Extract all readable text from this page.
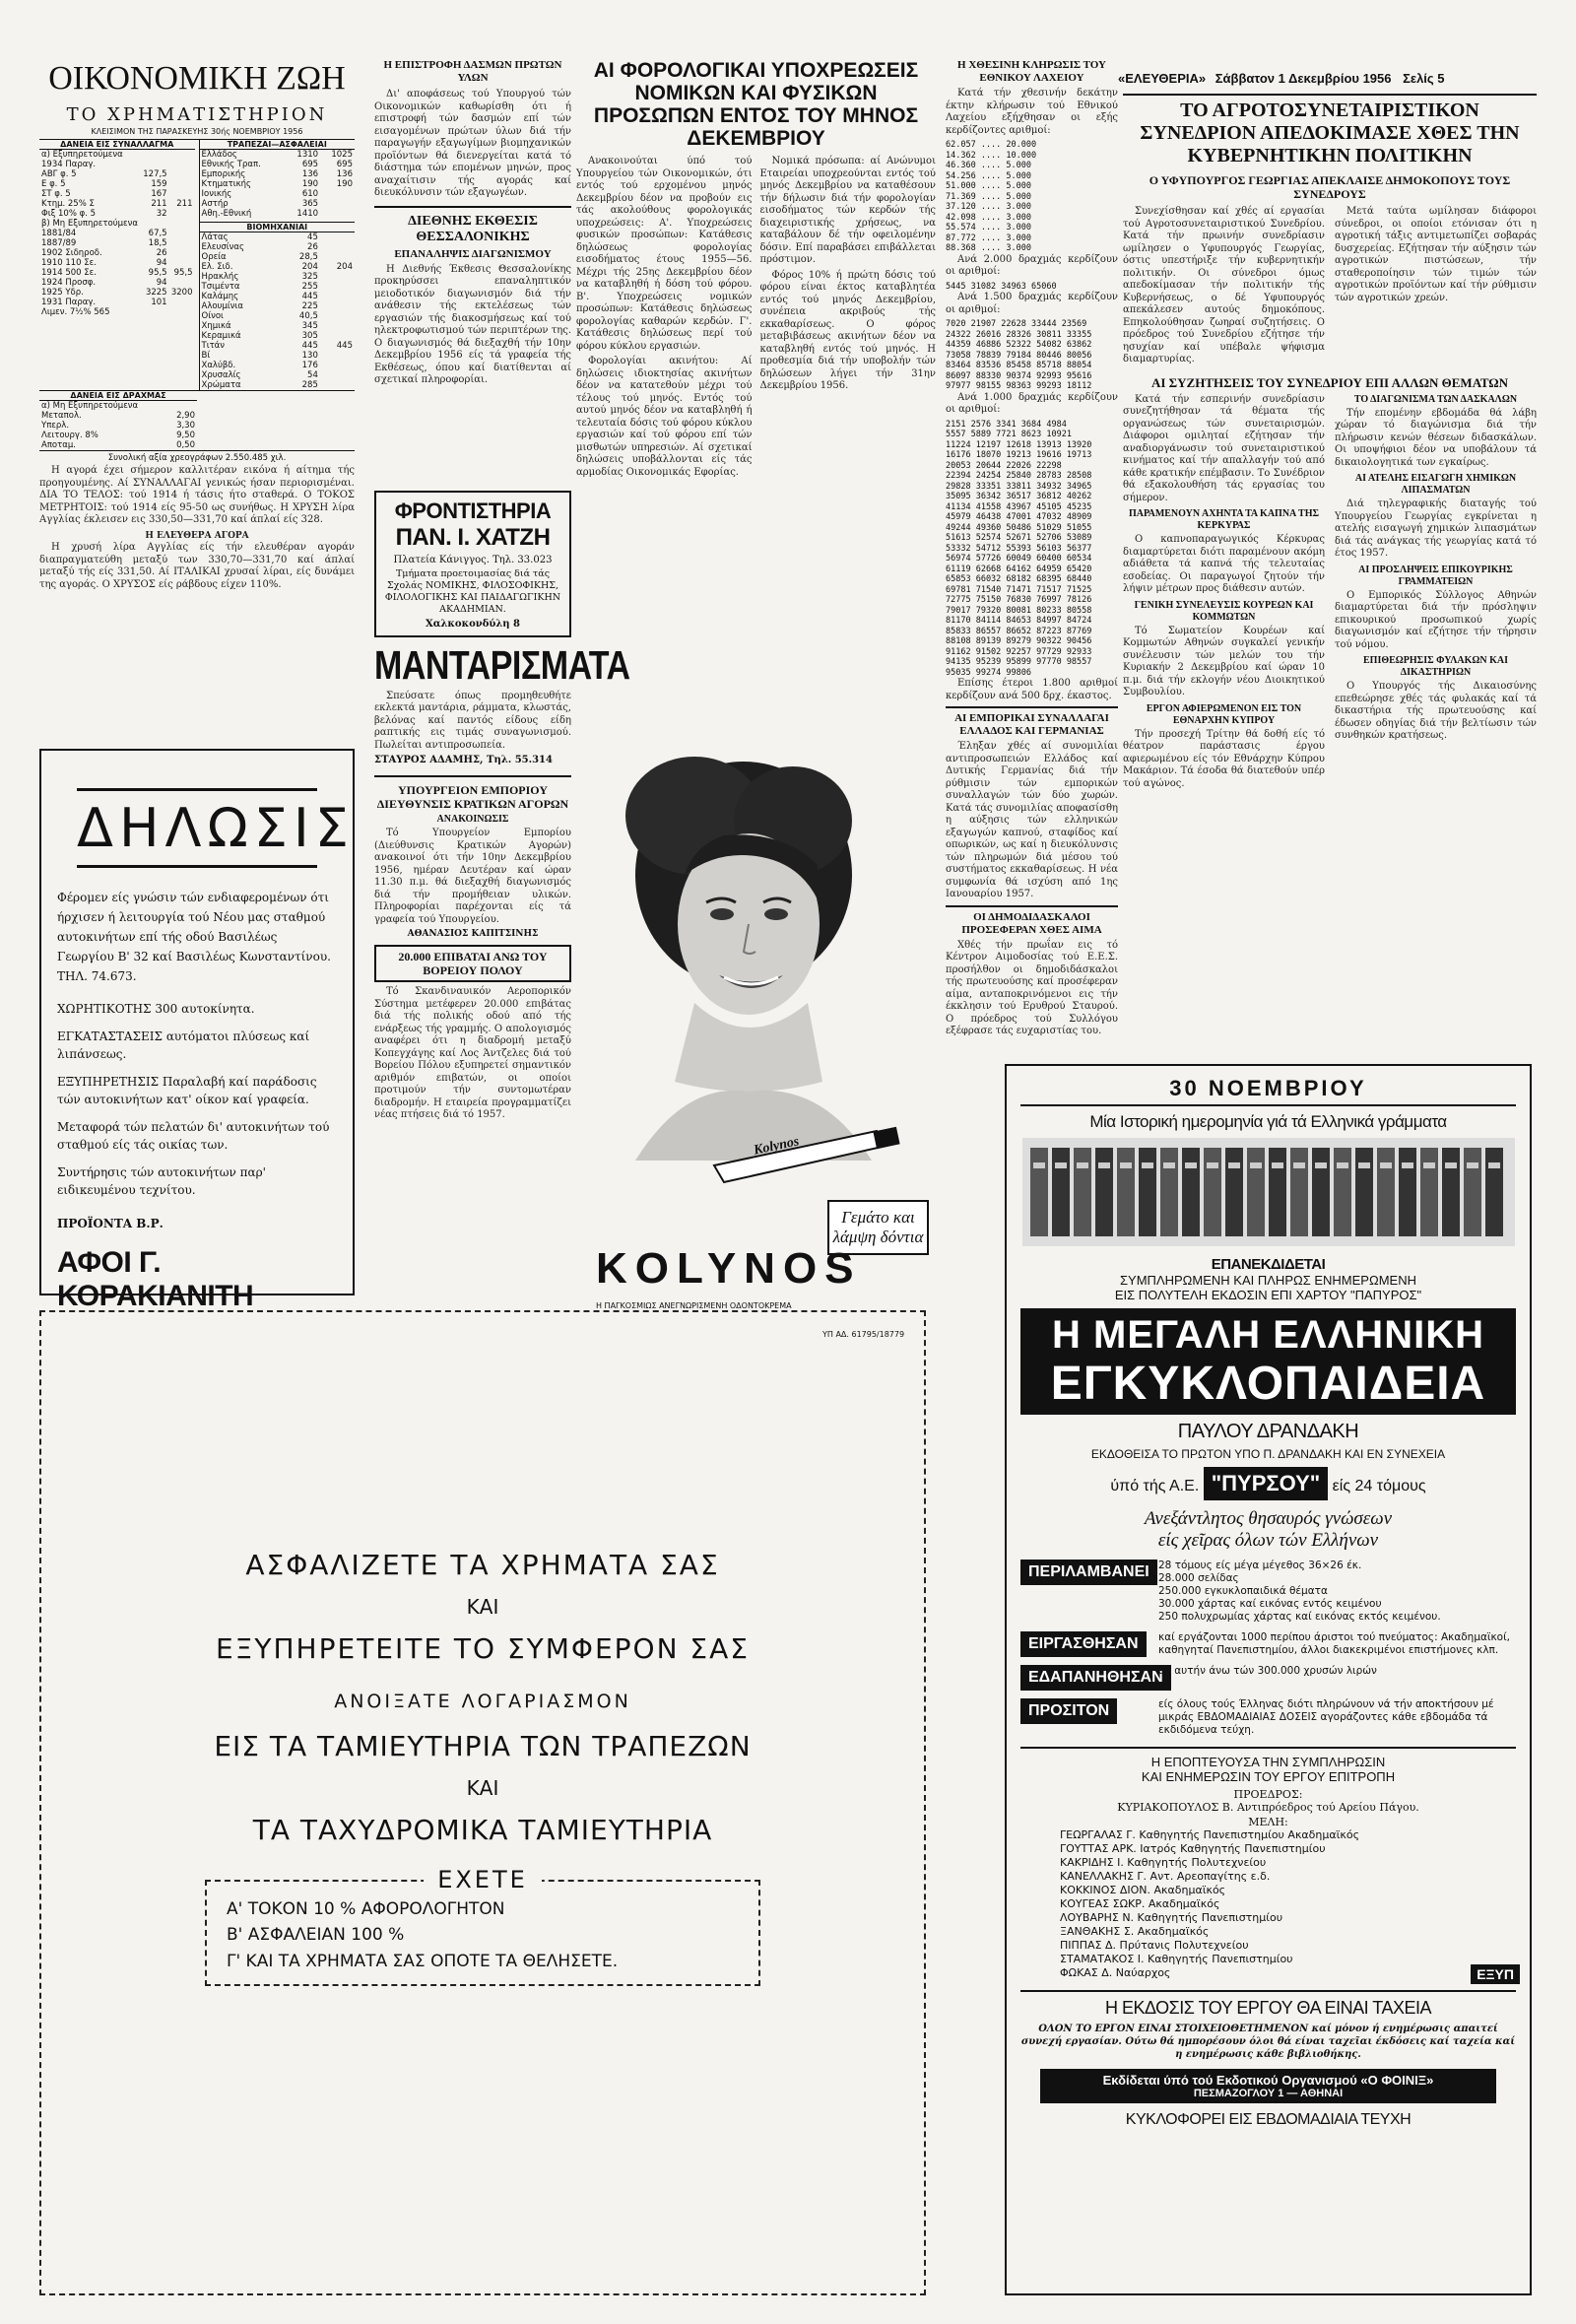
«ΕΛΕΥΘΕΡΙΑ» Σάββατον 1 Δεκεμβρίου 1956 Σελίς 5
ΟΙΚΟΝΟΜΙΚΗ ΖΩΗ
ΤΟ ΧΡΗΜΑΤΙΣΤΗΡΙΟΝ
ΚΛΕΙΣΙΜΟΝ ΤΗΣ ΠΑΡΑΣΚΕΥΗΣ 30ής ΝΟΕΜΒΡΙΟΥ 1956
ΔΑΝΕΙΑ ΕΙΣ ΣΥΝΑΛΛΑΓΜΑ
α) Εξυπηρετούμενα		
1934 Παραγ.		
ΑΒΓ φ. 5	127,5	
Ε φ. 5	159	
ΣΤ φ. 5	167	
Κτημ. 25% Σ	211	211
Φιξ 10% φ. 5	32	
β) Μη Εξυπηρετούμενα		
1881/84	67,5	
1887/89	18,5	
1902 Σιδηροδ.	26	
1910 110 Σε.	94	
1914 500 Σε.	95,5	95,5
1924 Προσφ.	94	
1925 Υδρ.	3225	3200
1931 Παραγ.	101	
Λιμεν. 7½% 565		
ΤΡΑΠΕΖΑΙ—ΑΣΦΑΛΕΙΑΙ
Ελλάδος	1310	1025
Εθνικής Τραπ.	695	695
Εμπορικής	136	136
Κτηματικής	190	190
Ιονικής	610	
Αστήρ	365	
Αθη.-Εθνική	1410	
ΒΙΟΜΗΧΑΝΙΑΙ
Λάτας	45	
Ελευσίνας	26	
Ορεία	28,5	
Ελ. Σιδ.	204	204
Ηρακλής	325	
Τσιμέντα	255	
Καλάμης	445	
Αλουμίνια	225	
Οίνοι	40,5	
Χημικά	345	
Κεραμικά	305	
Τιτάν	445	445
Βί	130	
Χαλύβδ.	176	
Χρυσαλίς	54	
Χρώματα	285	
ΔΑΝΕΙΑ ΕΙΣ ΔΡΑΧΜΑΣ
α) Μη Εξυπηρετούμενα	
Μεταπολ.	2,90
Υπερλ.	3,30
Λειτουργ. 8%	9,50
Αποταμ.	0,50
Συνολική αξία χρεογράφων 2.550.485 χιλ.

Η αγορά έχει σήμερον καλλιτέραν εικόνα ή αίτημα τής προηγουμένης. Αί ΣΥΝΑΛΛΑΓΑΙ γενικώς ήσαν περιορισμέναι. ΔΙΑ ΤΟ ΤΕΛΟΣ: τού 1914 ή τάσις ήτο σταθερά. Ο ΤΟΚΟΣ ΜΕΤΡΗΤΟΙΣ: τού 1914 είς 95-50 ως συνήθως. Η ΧΡΥΣΗ λίρα Αγγλίας έκλεισεν εις 330,50—331,70 καί άπλαί είς 328.

Η ΕΛΕΥΘΕΡΑ ΑΓΟΡΑ

Η χρυσή λίρα Αγγλίας είς τήν ελευθέραν αγοράν διαπραγματεύθη μεταξύ των 330,70—331,70 καί άπλαί μεταξύ τής είς 331,50. Αί ΙΤΑΛΙΚΑΙ χρυσαί λίραι, είς δυνάμει της αγοράς. Ο ΧΡΥΣΟΣ είς ράβδους είχεν 110%.

ΔΗΛΩΣΙΣ
Φέρομεν είς γνώσιν τών ενδιαφερομένων ότι ήρχισεν ή λειτουργία τού Νέου μας σταθμού αυτοκινήτων επί τής οδού Βασιλέως Γεωργίου Β' 32 καί Βασιλέως Κωνσταντίνου. ΤΗΛ. 74.673.
ΧΩΡΗΤΙΚΟΤΗΣ 300 αυτοκίνητα.
ΕΓΚΑΤΑΣΤΑΣΕΙΣ αυτόματοι πλύσεως καί λιπάνσεως.
ΕΞΥΠΗΡΕΤΗΣΙΣ Παραλαβή καί παράδοσις τών αυτοκινήτων κατ' οίκον καί γραφεία.
Μεταφορά τών πελατών δι' αυτοκινήτων τού σταθμού είς τάς οικίας των.
Συντήρησις τών αυτοκινήτων παρ' ειδικευμένου τεχνίτου.
ΠΡΟΪΟΝΤΑ Β.Ρ.
ΑΦΟΙ Γ. ΚΟΡΑΚΙΑΝΙΤΗ
Η ΕΠΙΣΤΡΟΦΗ ΔΑΣΜΩΝ ΠΡΩΤΩΝ ΥΛΩΝ

Δι' αποφάσεως τού Υπουργού τών Οικονομικών καθωρίσθη ότι ή επιστροφή τών δασμών επί τών εισαγομένων πρώτων ύλων διά τήν παραγωγήν εξαγωγίμων βιομηχανικών προϊόντων θά διενεργείται κατά τό διάστημα τών επομένων μηνών, προς αναχαίτισιν τής αγοράς καί διευκόλυνσιν τών εξαγωγέων.

ΔΙΕΘΝΗΣ ΕΚΘΕΣΙΣ ΘΕΣΣΑΛΟΝΙΚΗΣ
ΕΠΑΝΑΛΗΨΙΣ ΔΙΑΓΩΝΙΣΜΟΥ

Η Διεθνής Έκθεσις Θεσσαλονίκης προκηρύσσει επαναληπτικόν μειοδοτικόν διαγωνισμόν διά τήν ανάθεσιν τής εκτελέσεως τών εργασιών τής διακοσμήσεως καί τού ηλεκτροφωτισμού τών περιπτέρων της. Ο διαγωνισμός θά διεξαχθή τήν 10ην Δεκεμβρίου 1956 είς τά γραφεία τής Εκθέσεως, όπου καί διατίθενται αί σχετικαί πληροφορίαι.

ΦΡΟΝΤΙΣΤΗΡΙΑ
ΠΑΝ. Ι. ΧΑΤΖΗ
Πλατεία Κάνιγγος. Τηλ. 33.023
Τμήματα προετοιμασίας διά τάς Σχολάς ΝΟΜΙΚΗΣ, ΦΙΛΟΣΟΦΙΚΗΣ, ΦΙΛΟΛΟΓΙΚΗΣ ΚΑΙ ΠΑΙΔΑΓΩΓΙΚΗΝ ΑΚΑΔΗΜΙΑΝ.
Χαλκοκονδύλη 8
ΜΑΝΤΑΡΙΣΜΑΤΑ

Σπεύσατε όπως προμηθευθήτε εκλεκτά μαντάρια, ράμματα, κλωστάς, βελόνας καί παντός είδους είδη ραπτικής εις τιμάς συναγωνισμού. Πωλείται αντιπροσωπεία.

ΣΤΑΥΡΟΣ ΑΔΑΜΗΣ, Τηλ. 55.314
ΥΠΟΥΡΓΕΙΟΝ ΕΜΠΟΡΙΟΥ ΔΙΕΥΘΥΝΣΙΣ ΚΡΑΤΙΚΩΝ ΑΓΟΡΩΝ
ΑΝΑΚΟΙΝΩΣΙΣ

Τό Υπουργείον Εμπορίου (Διεύθυνσις Κρατικών Αγορών) ανακοινοί ότι τήν 10ην Δεκεμβρίου 1956, ημέραν Δευτέραν καί ώραν 11.30 π.μ. θά διεξαχθή διαγωνισμός διά τήν προμήθειαν υλικών. Πληροφορίαι παρέχονται είς τά γραφεία τού Υπουργείου.

ΑΘΑΝΑΣΙΟΣ ΚΑΠΙΤΣΙΝΗΣ
20.000 ΕΠΙΒΑΤΑΙ ΑΝΩ ΤΟΥ ΒΟΡΕΙΟΥ ΠΟΛΟΥ

Τό Σκανδιναυικόν Αεροπορικόν Σύστημα μετέφερεν 20.000 επιβάτας διά τής πολικής οδού από τής ενάρξεως τής γραμμής. Ο απολογισμός αναφέρει ότι η διαδρομή μεταξύ Κοπεγχάγης καί Λος Άντζελες διά τού Βορείου Πόλου εξυπηρετεί σημαντικόν αριθμόν επιβατών, οι οποίοι προτιμούν τήν συντομωτέραν διαδρομήν. Η εταιρεία προγραμματίζει νέας πτήσεις διά τό 1957.

ΑΙ ΦΟΡΟΛΟΓΙΚΑΙ ΥΠΟΧΡΕΩΣΕΙΣ ΝΟΜΙΚΩΝ ΚΑΙ ΦΥΣΙΚΩΝ ΠΡΟΣΩΠΩΝ ΕΝΤΟΣ ΤΟΥ ΜΗΝΟΣ ΔΕΚΕΜΒΡΙΟΥ

Ανακοινούται ύπό τού Υπουργείου τών Οικονομικών, ότι εντός τού ερχομένου μηνός Δεκεμβρίου δέον να προβούν εις τάς ακολούθους φορολογικάς υποχρεώσεις: Α'. Υποχρεώσεις φυσικών προσώπων: Κατάθεσις δηλώσεως φορολογίας εισοδήματος έτους 1955—56. Μέχρι τής 25ης Δεκεμβρίου δέον να καταβληθή ή δόση τού φόρου. Β'. Υποχρεώσεις νομικών προσώπων: Κατάθεσις δηλώσεως φορολογίας καθαρών κερδών. Γ'. Κατάθεσις δηλώσεως περί τού φόρου κύκλου εργασιών.

Φορολογίαι ακινήτου: Αί δηλώσεις ιδιοκτησίας ακινήτων δέον να κατατεθούν μέχρι τού τέλους τού μηνός. Εντός τού αυτού μηνός δέον να καταβληθή ή τελευταία δόσις τού φόρου κύκλου εργασιών καί τού φόρου επί τών μισθωτών υπηρεσιών. Αί σχετικαί δηλώσεις υποβάλλονται είς τάς αρμοδίας Οικονομικάς Εφορίας.

Νομικά πρόσωπα: αί Ανώνυμοι Εταιρείαι υποχρεούνται εντός τού μηνός Δεκεμβρίου να καταθέσουν τήν δήλωσιν διά τήν φορολογίαν εισοδήματος τών κερδών τής διαχειριστικής χρήσεως, να καταβάλουν δέ τήν οφειλομένην δόσιν. Επί παραβάσει επιβάλλεται πρόστιμον.

Φόρος 10% ή πρώτη δόσις τού φόρου είναι έκτος καταβλητέα εντός τού μηνός Δεκεμβρίου, συνέπεια ακριβούς τής εκκαθαρίσεως. Ο φόρος μεταβιβάσεως ακινήτων δέον να καταβληθή εντός τού μηνός. Η προθεσμία διά τήν υποβολήν τών δηλώσεων λήγει τήν 31ην Δεκεμβρίου 1956.

Kolynos
Γεμάτο και λάμψη δόντια
KOLYNOS
Η ΠΑΓΚΟΣΜΙΩΣ ΑΝΕΓΝΩΡΙΣΜΕΝΗ ΟΔΟΝΤΟΚΡΕΜΑ
ΥΠ ΑΔ. 61795/18779
Η ΧΘΕΣΙΝΗ ΚΛΗΡΩΣΙΣ ΤΟΥ ΕΘΝΙΚΟΥ ΛΑΧΕΙΟΥ

Κατά τήν χθεσινήν δεκάτην έκτην κλήρωσιν τού Εθνικού Λαχείου εξήχθησαν οι εξής κερδίζοντες αριθμοί:

62.057 .... 20.000
14.362 .... 10.000
46.360 .... 5.000
54.256 .... 5.000
51.000 .... 5.000
71.369 .... 5.000
37.120 .... 3.000
42.098 .... 3.000
55.574 .... 3.000
87.772 .... 3.000
88.368 .... 3.000

Ανά 2.000 δραχμάς κερδίζουν οι αριθμοί:

5445 31082 34963 65060

Ανά 1.500 δραχμάς κερδίζουν οι αριθμοί:

7020 21907 22628 33444 23569
24322 26016 28326 30811 33355
44359 46886 52322 54082 63862
73058 78839 79184 80446 80056
83464 83536 85458 85718 88054
86097 88330 90374 92993 95616
97977 98155 98363 99293 18112

Ανά 1.000 δραχμάς κερδίζουν οι αριθμοί:

2151 2576 3341 3684 4984
5557 5889 7721 8623 10921
11224 12197 12618 13913 13920
16176 18070 19213 19616 19713
20053 20644 22026 22298
22394 24254 25840 28783 28508
29828 33351 33811 34932 34965
35095 36342 36517 36812 40262
41134 41558 43967 45105 45235
45979 46438 47001 47032 48909
49244 49360 50486 51029 51055
51613 52574 52671 52706 53089
53332 54712 55393 56103 56377
56974 57726 60049 60400 60534
61119 62668 64162 64959 65420
65853 66032 68182 68395 68440
69781 71540 71471 71517 71525
72775 75150 76830 76997 78126
79017 79320 80081 80233 80558
81170 84114 84653 84997 84724
85833 86557 86652 87223 87769
88108 89139 89279 90322 90456
91162 91502 92257 97729 92933
94135 95239 95899 97770 98557
95035 99274 99806

Επίσης έτεροι 1.800 αριθμοί κερδίζουν ανά 500 δρχ. έκαστος.

ΑΙ ΕΜΠΟΡΙΚΑΙ ΣΥΝΑΛΛΑΓΑΙ ΕΛΛΑΔΟΣ ΚΑΙ ΓΕΡΜΑΝΙΑΣ

Έληξαν χθές αί συνομιλίαι αντιπροσωπειών Ελλάδος καί Δυτικής Γερμανίας διά τήν ρύθμισιν τών εμπορικών συναλλαγών τών δύο χωρών. Κατά τάς συνομιλίας αποφασίσθη η αύξησις τών ελληνικών εξαγωγών καπνού, σταφίδος καί οπωρικών, ως καί η διευκόλυνσις τών πληρωμών διά μέσου τού συστήματος εκκαθαρίσεως. Η νέα συμφωνία θά ισχύση από 1ης Ιανουαρίου 1957.

ΟΙ ΔΗΜΟΔΙΔΑΣΚΑΛΟΙ ΠΡΟΣΕΦΕΡΑΝ ΧΘΕΣ ΑΙΜΑ

Χθές τήν πρωΐαν εις τό Κέντρον Αιμοδοσίας τού Ε.Ε.Σ. προσήλθον οι δημοδιδάσκαλοι τής πρωτευούσης καί προσέφεραν αίμα, ανταποκρινόμενοι εις τήν έκκλησιν τού Ερυθρού Σταυρού. Ο πρόεδρος τού Συλλόγου εξέφρασε τάς ευχαριστίας του.

ΤΟ ΑΓΡΟΤΟΣΥΝΕΤΑΙΡΙΣΤΙΚΟΝ ΣΥΝΕΔΡΙΟΝ ΑΠΕΔΟΚΙΜΑΣΕ ΧΘΕΣ ΤΗΝ ΚΥΒΕΡΝΗΤΙΚΗΝ ΠΟΛΙΤΙΚΗΝ
Ο ΥΦΥΠΟΥΡΓΟΣ ΓΕΩΡΓΙΑΣ ΑΠΕΚΛΑΙΣΕ ΔΗΜΟΚΟΠΟΥΣ ΤΟΥΣ ΣΥΝΕΔΡΟΥΣ

Συνεχίσθησαν καί χθές αί εργασίαι τού Αγροτοσυνεταιριστικού Συνεδρίου. Κατά τήν πρωινήν συνεδρίασιν ωμίλησεν ο Υφυπουργός Γεωργίας, όστις υπεστήριξε τήν κυβερνητικήν πολιτικήν. Οι σύνεδροι όμως απεδοκίμασαν τήν πολιτικήν τής Κυβερνήσεως, ο δέ Υφυπουργός απεκάλεσεν αυτούς δημοκόπους. Επηκολούθησαν ζωηραί συζητήσεις. Ο πρόεδρος τού Συνεδρίου εζήτησε τήν ησυχίαν καί υπέβαλε ψήφισμα διαμαρτυρίας.

Μετά ταύτα ωμίλησαν διάφοροι σύνεδροι, οι οποίοι ετόνισαν ότι η αγροτική τάξις αντιμετωπίζει σοβαράς δυσχερείας. Εζήτησαν τήν αύξησιν τών αγροτικών πιστώσεων, τήν σταθεροποίησιν τών τιμών τών αγροτικών προϊόντων καί τήν ρύθμισιν τών αγροτικών χρεών.

ΑΙ ΣΥΖΗΤΗΣΕΙΣ ΤΟΥ ΣΥΝΕΔΡΙΟΥ ΕΠΙ ΑΛΛΩΝ ΘΕΜΑΤΩΝ

Κατά τήν εσπερινήν συνεδρίασιν συνεζητήθησαν τά θέματα τής οργανώσεως τών συνεταιρισμών. Διάφοροι ομιληταί εζήτησαν τήν αναδιοργάνωσιν τού συνεταιριστικού κινήματος καί τήν απαλλαγήν τού από κάθε κρατικήν επέμβασιν. Το Συνέδριον θά εξακολουθήση τάς εργασίας του σήμερον.

ΠΑΡΑΜΕΝΟΥΝ ΑΧΗΝΤΑ ΤΑ ΚΑΠΝΑ ΤΗΣ ΚΕΡΚΥΡΑΣ

Ο καπνοπαραγωγικός Κέρκυρας διαμαρτύρεται διότι παραμένουν ακόμη αδιάθετα τά καπνά τής τελευταίας εσοδείας. Οι παραγωγοί ζητούν τήν λήψιν μέτρων προς διάθεσιν αυτών.

ΓΕΝΙΚΗ ΣΥΝΕΛΕΥΣΙΣ ΚΟΥΡΕΩΝ ΚΑΙ ΚΟΜΜΩΤΩΝ

Τό Σωματείον Κουρέων καί Κομμωτών Αθηνών συγκαλεί γενικήν συνέλευσιν τών μελών του τήν Κυριακήν 2 Δεκεμβρίου καί ώραν 10 π.μ. διά τήν εκλογήν νέου Διοικητικού Συμβουλίου.

ΕΡΓΟΝ ΑΦΙΕΡΩΜΕΝΟΝ ΕΙΣ ΤΟΝ ΕΘΝΑΡΧΗΝ ΚΥΠΡΟΥ

Τήν προσεχή Τρίτην θά δοθή είς τό θέατρον παράστασις έργου αφιερωμένου είς τόν Εθνάρχην Κύπρου Μακάριον. Τά έσοδα θά διατεθούν υπέρ τού αγώνος.

ΤΟ ΔΙΑΓΩΝΙΣΜΑ ΤΩΝ ΔΑΣΚΑΛΩΝ

Τήν επομένην εβδομάδα θά λάβη χώραν τό διαγώνισμα διά τήν πλήρωσιν κενών θέσεων διδασκάλων. Οι υποψήφιοι δέον να υποβάλουν τά δικαιολογητικά των εγκαίρως.

ΑΙ ΑΤΕΛΗΣ ΕΙΣΑΓΩΓΗ ΧΗΜΙΚΩΝ ΛΙΠΑΣΜΑΤΩΝ

Διά τηλεγραφικής διαταγής τού Υπουργείου Γεωργίας εγκρίνεται η ατελής εισαγωγή χημικών λιπασμάτων διά τάς ανάγκας τής γεωργίας κατά τό έτος 1957.

ΑΙ ΠΡΟΣΛΗΨΕΙΣ ΕΠΙΚΟΥΡΙΚΗΣ ΓΡΑΜΜΑΤΕΙΩΝ

Ο Εμπορικός Σύλλογος Αθηνών διαμαρτύρεται διά τήν πρόσληψιν επικουρικού προσωπικού χωρίς διαγωνισμόν καί εζήτησε τήν τήρησιν τού νόμου.

ΕΠΙΘΕΩΡΗΣΙΣ ΦΥΛΑΚΩΝ ΚΑΙ ΔΙΚΑΣΤΗΡΙΩΝ

Ο Υπουργός τής Δικαιοσύνης επεθεώρησε χθές τάς φυλακάς καί τά δικαστήρια τής πρωτευούσης καί έδωσεν οδηγίας διά τήν βελτίωσιν τών συνθηκών κρατήσεως.

ΑΣΦΑΛΙΖΕΤΕ ΤΑ ΧΡΗΜΑΤΑ ΣΑΣ
ΚΑΙ
ΕΞΥΠΗΡΕΤΕΙΤΕ ΤΟ ΣΥΜΦΕΡΟΝ ΣΑΣ
ΑΝΟΙΞΑΤΕ ΛΟΓΑΡΙΑΣΜΟΝ
ΕΙΣ ΤΑ ΤΑΜΙΕΥΤΗΡΙΑ ΤΩΝ ΤΡΑΠΕΖΩΝ
ΚΑΙ
ΤΑ ΤΑΧΥΔΡΟΜΙΚΑ ΤΑΜΙΕΥΤΗΡΙΑ
ΕΧΕΤΕ
Α' ΤΟΚΟΝ 10 % ΑΦΟΡΟΛΟΓΗΤΟΝ
Β' ΑΣΦΑΛΕΙΑΝ 100 %
Γ' ΚΑΙ ΤΑ ΧΡΗΜΑΤΑ ΣΑΣ ΟΠΟΤΕ ΤΑ ΘΕΛΗΣΕΤΕ.
30 ΝΟΕΜΒΡΙΟΥ
Μία Ιστορική ημερομηνία γιά τά Ελληνικά γράμματα
ΕΠΑΝΕΚΔΙΔΕΤΑΙ
ΣΥΜΠΛΗΡΩΜΕΝΗ ΚΑΙ ΠΛΗΡΩΣ ΕΝΗΜΕΡΩΜΕΝΗ
ΕΙΣ ΠΟΛΥΤΕΛΗ ΕΚΔΟΣΙΝ ΕΠΙ ΧΑΡΤΟΥ "ΠΑΠΥΡΟΣ"
Η ΜΕΓΑΛΗ ΕΛΛΗΝΙΚΗ
ΕΓΚΥΚΛΟΠΑΙΔΕΙΑ
ΠΑΥΛΟΥ ΔΡΑΝΔΑΚΗ
ΕΚΔΟΘΕΙΣΑ ΤΟ ΠΡΩΤΟΝ ΥΠΟ Π. ΔΡΑΝΔΑΚΗ ΚΑΙ ΕΝ ΣΥΝΕΧΕΙΑ
ύπό τής Α.Ε. "ΠΥΡΣΟΥ" είς 24 τόμους
Ανεξάντλητος θησαυρός γνώσεων
είς χεῖρας όλων τών Ελλήνων
ΠΕΡΙΛΑΜΒΑΝΕΙ 28 τόμους είς μέγα μέγεθος 36×26 έκ.
28.000 σελίδας
250.000 εγκυκλοπαιδικά θέματα
30.000 χάρτας καί εικόνας εντός κειμένου
250 πολυχρωμίας χάρτας καί εικόνας εκτός κειμένου.
ΕΙΡΓΑΣΘΗΣΑΝ	καί εργάζονται 1000 περίπου άριστοι τού πνεύματος: Ακαδημαϊκοί, καθηγηταί Πανεπιστημίου, άλλοι διακεκριμένοι επιστήμονες κλπ.
ΕΔΑΠΑΝΗΘΗΣΑΝ
δι' αυτήν άνω τών 300.000 χρυσών λιρών
ΠΡΟΣΙΤΟΝ	είς όλους τούς Έλληνας διότι πληρώνουν νά τήν αποκτήσουν μέ μικράς ΕΒΔΟΜΑΔΙΑΙΑΣ ΔΟΣΕΙΣ αγοράζοντες κάθε εβδομάδα τά εκδιδόμενα τεύχη.
Η ΕΠΟΠΤΕΥΟΥΣΑ ΤΗΝ ΣΥΜΠΛΗΡΩΣΙΝ
ΚΑΙ ΕΝΗΜΕΡΩΣΙΝ ΤΟΥ ΕΡΓΟΥ ΕΠΙΤΡΟΠΗ
ΠΡΟΕΔΡΟΣ:
ΚΥΡΙΑΚΟΠΟΥΛΟΣ Β. Αντιπρόεδρος τού Αρείου Πάγου.
ΜΕΛΗ:
ΓΕΩΡΓΑΛΑΣ Γ. Καθηγητής Πανεπιστημίου Ακαδημαϊκός
ΓΟΥΤΤΑΣ ΑΡΚ. Ιατρός Καθηγητής Πανεπιστημίου
ΚΑΚΡΙΔΗΣ Ι. Καθηγητής Πολυτεχνείου
ΚΑΝΕΛΛΑΚΗΣ Γ. Αντ. Αρεοπαγίτης ε.δ.
ΚΟΚΚΙΝΟΣ ΔΙΟΝ. Ακαδημαϊκός
ΚΟΥΓΕΑΣ ΣΩΚΡ. Ακαδημαϊκός
ΛΟΥΒΑΡΗΣ Ν. Καθηγητής Πανεπιστημίου
ΞΑΝΘΑΚΗΣ Σ. Ακαδημαϊκός
ΠΙΠΠΑΣ Δ. Πρύτανις Πολυτεχνείου
ΣΤΑΜΑΤΑΚΟΣ Ι. Καθηγητής Πανεπιστημίου
ΦΩΚΑΣ Δ. Ναύαρχος	ΕΞΥΠ
Η ΕΚΔΟΣΙΣ ΤΟΥ ΕΡΓΟΥ ΘΑ ΕΙΝΑΙ ΤΑΧΕΙΑ
ΟΛΟΝ ΤΟ ΕΡΓΟΝ ΕΙΝΑΙ ΣΤΟΙΧΕΙΟΘΕΤΗΜΕΝΟΝ καί μόνον ή ενημέρωσις απαιτεί συνεχή εργασίαν. Ούτω θά ημπορέσουν όλοι θά είναι ταχεῖαι έκδόσεις καί ταχεία καί η ενημέρωσις κάθε βιβλιοθήκης.
Εκδίδεται ύπό τού Εκδοτικού Οργανισμού «Ο ΦΟΙΝΙΞ»
ΠΕΣΜΑΖΟΓΛΟΥ 1 — ΑΘΗΝΑΙ
ΚΥΚΛΟΦΟΡΕΙ ΕΙΣ ΕΒΔΟΜΑΔΙΑΙΑ ΤΕΥΧΗ
